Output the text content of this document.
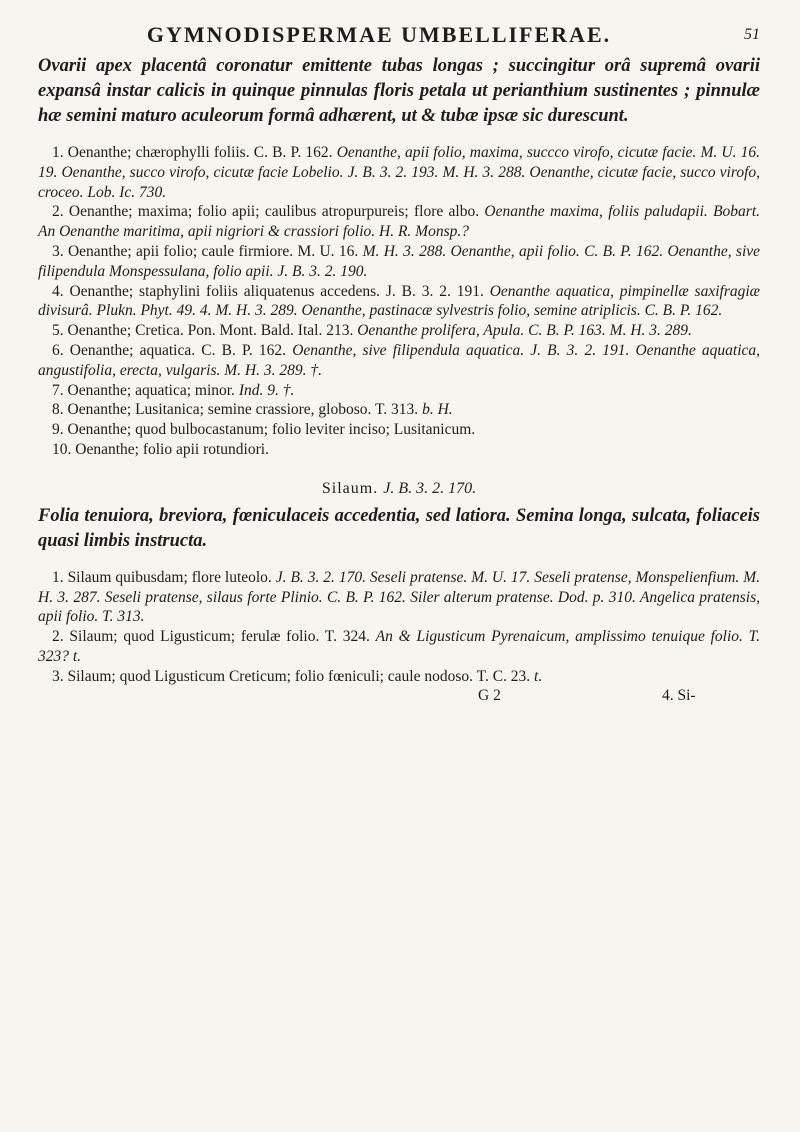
GYMNODISPERMAE UMBELLIFERAE.	51

Ovarii apex placentâ coronatur emittente tubas longas ; succingitur orâ supremâ ovarii expansâ instar calicis in quinque pinnulas floris petala ut perianthium sustinentes ; pinnulæ hæ semini maturo aculeorum formâ adhærent, ut & tubæ ipsæ sic durescunt.

1. Oenanthe; chærophylli foliis. C. B. P. 162. Oenanthe, apii folio, maxima, succco virofo, cicutæ facie. M. U. 16. 19. Oenanthe, succo virofo, cicutæ facie Lobelio. J. B. 3. 2. 193. M. H. 3. 288. Oenanthe, cicutæ facie, succo virofo, croceo. Lob. Ic. 730.

2. Oenanthe; maxima; folio apii; caulibus atropurpureis; flore albo. Oenanthe maxima, foliis paludapii. Bobart. An Oenanthe maritima, apii nigriori & crassiori folio. H. R. Monsp.?

3. Oenanthe; apii folio; caule firmiore. M. U. 16. M. H. 3. 288. Oenanthe, apii folio. C. B. P. 162. Oenanthe, sive filipendula Monspessulana, folio apii. J. B. 3. 2. 190.

4. Oenanthe; staphylini foliis aliquatenus accedens. J. B. 3. 2. 191. Oenanthe aquatica, pimpinellæ saxifragiæ divisurâ. Plukn. Phyt. 49. 4. M. H. 3. 289. Oenanthe, pastinacæ sylvestris folio, semine atriplicis. C. B. P. 162.

5. Oenanthe; Cretica. Pon. Mont. Bald. Ital. 213. Oenanthe prolifera, Apula. C. B. P. 163. M. H. 3. 289.

6. Oenanthe; aquatica. C. B. P. 162. Oenanthe, sive filipendula aquatica. J. B. 3. 2. 191. Oenanthe aquatica, angustifolia, erecta, vulgaris. M. H. 3. 289. †.

7. Oenanthe; aquatica; minor. Ind. 9. †.

8. Oenanthe; Lusitanica; semine crassiore, globoso. T. 313. b. H.

9. Oenanthe; quod bulbocastanum; folio leviter inciso; Lusitanicum.

10. Oenanthe; folio apii rotundiori.

Silaum. J. B. 3. 2. 170.

Folia tenuiora, breviora, fœniculaceis accedentia, sed latiora. Semina longa, sulcata, foliaceis quasi limbis instructa.

1. Silaum quibusdam; flore luteolo. J. B. 3. 2. 170. Seseli pratense. M. U. 17. Seseli pratense, Monspelienfium. M. H. 3. 287. Seseli pratense, silaus forte Plinio. C. B. P. 162. Siler alterum pratense. Dod. p. 310. Angelica pratensis, apii folio. T. 313.

2. Silaum; quod Ligusticum; ferulæ folio. T. 324. An & Ligusticum Pyrenaicum, amplissimo tenuique folio. T. 323? t.

3. Silaum; quod Ligusticum Creticum; folio fœniculi; caule nodoso. T. C. 23. t.

G 2	4. Si-
